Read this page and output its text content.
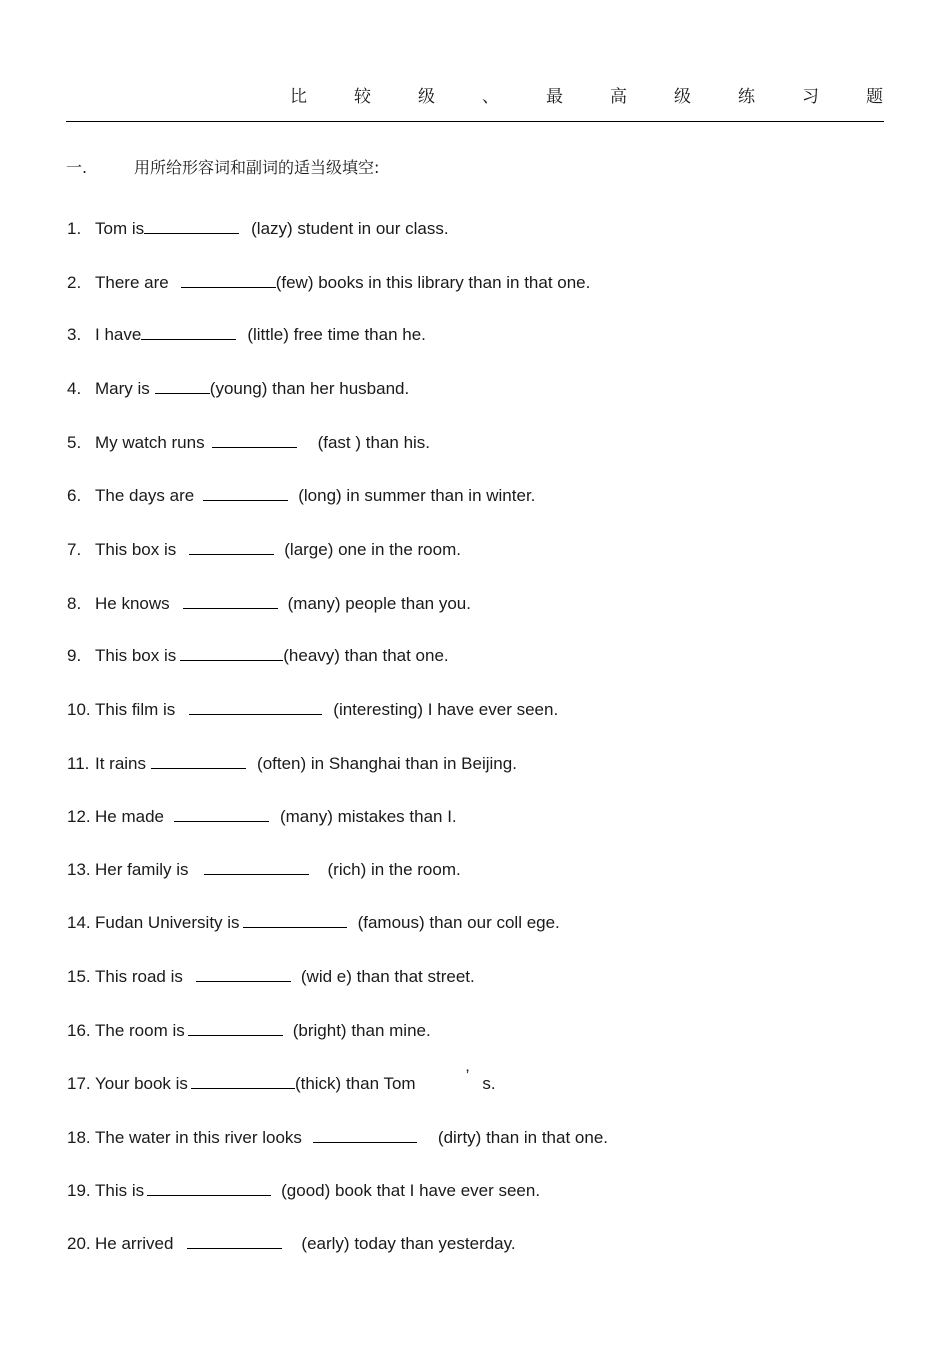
比	较	级	、	最	高	级	练	习	题
一.	用所给形容词和副词的适当级填空:
1. Tom is	(lazy) student in our class.
2. There are	(few) books in this library than in that one.
3. I have	(little) free time than he.
4. Mary is	(young) than her husband.
5. My watch runs	(fast ) than his.
6. The days are	(long) in summer than in winter.
7. This box is	(large) one in the room.
8. He knows	(many) people than you.
9. This box is	(heavy) than that one.
10. This film is	(interesting) I have ever seen.
11. It rains	(often) in Shanghai than in Beijing.
12. He made	(many) mistakes than I.
13. Her family is	(rich) in the room.
14. Fudan University is	(famous) than our coll ege.
15. This road is	(wid e) than that street.
16. The room is	(bright) than mine.
17. Your book is	(thick) than Tom	’ s.
18. The water in this river looks	(dirty) than in that one.
19. This is	(good) book that I have ever seen.
20. He arrived	(early) today than yesterday.
